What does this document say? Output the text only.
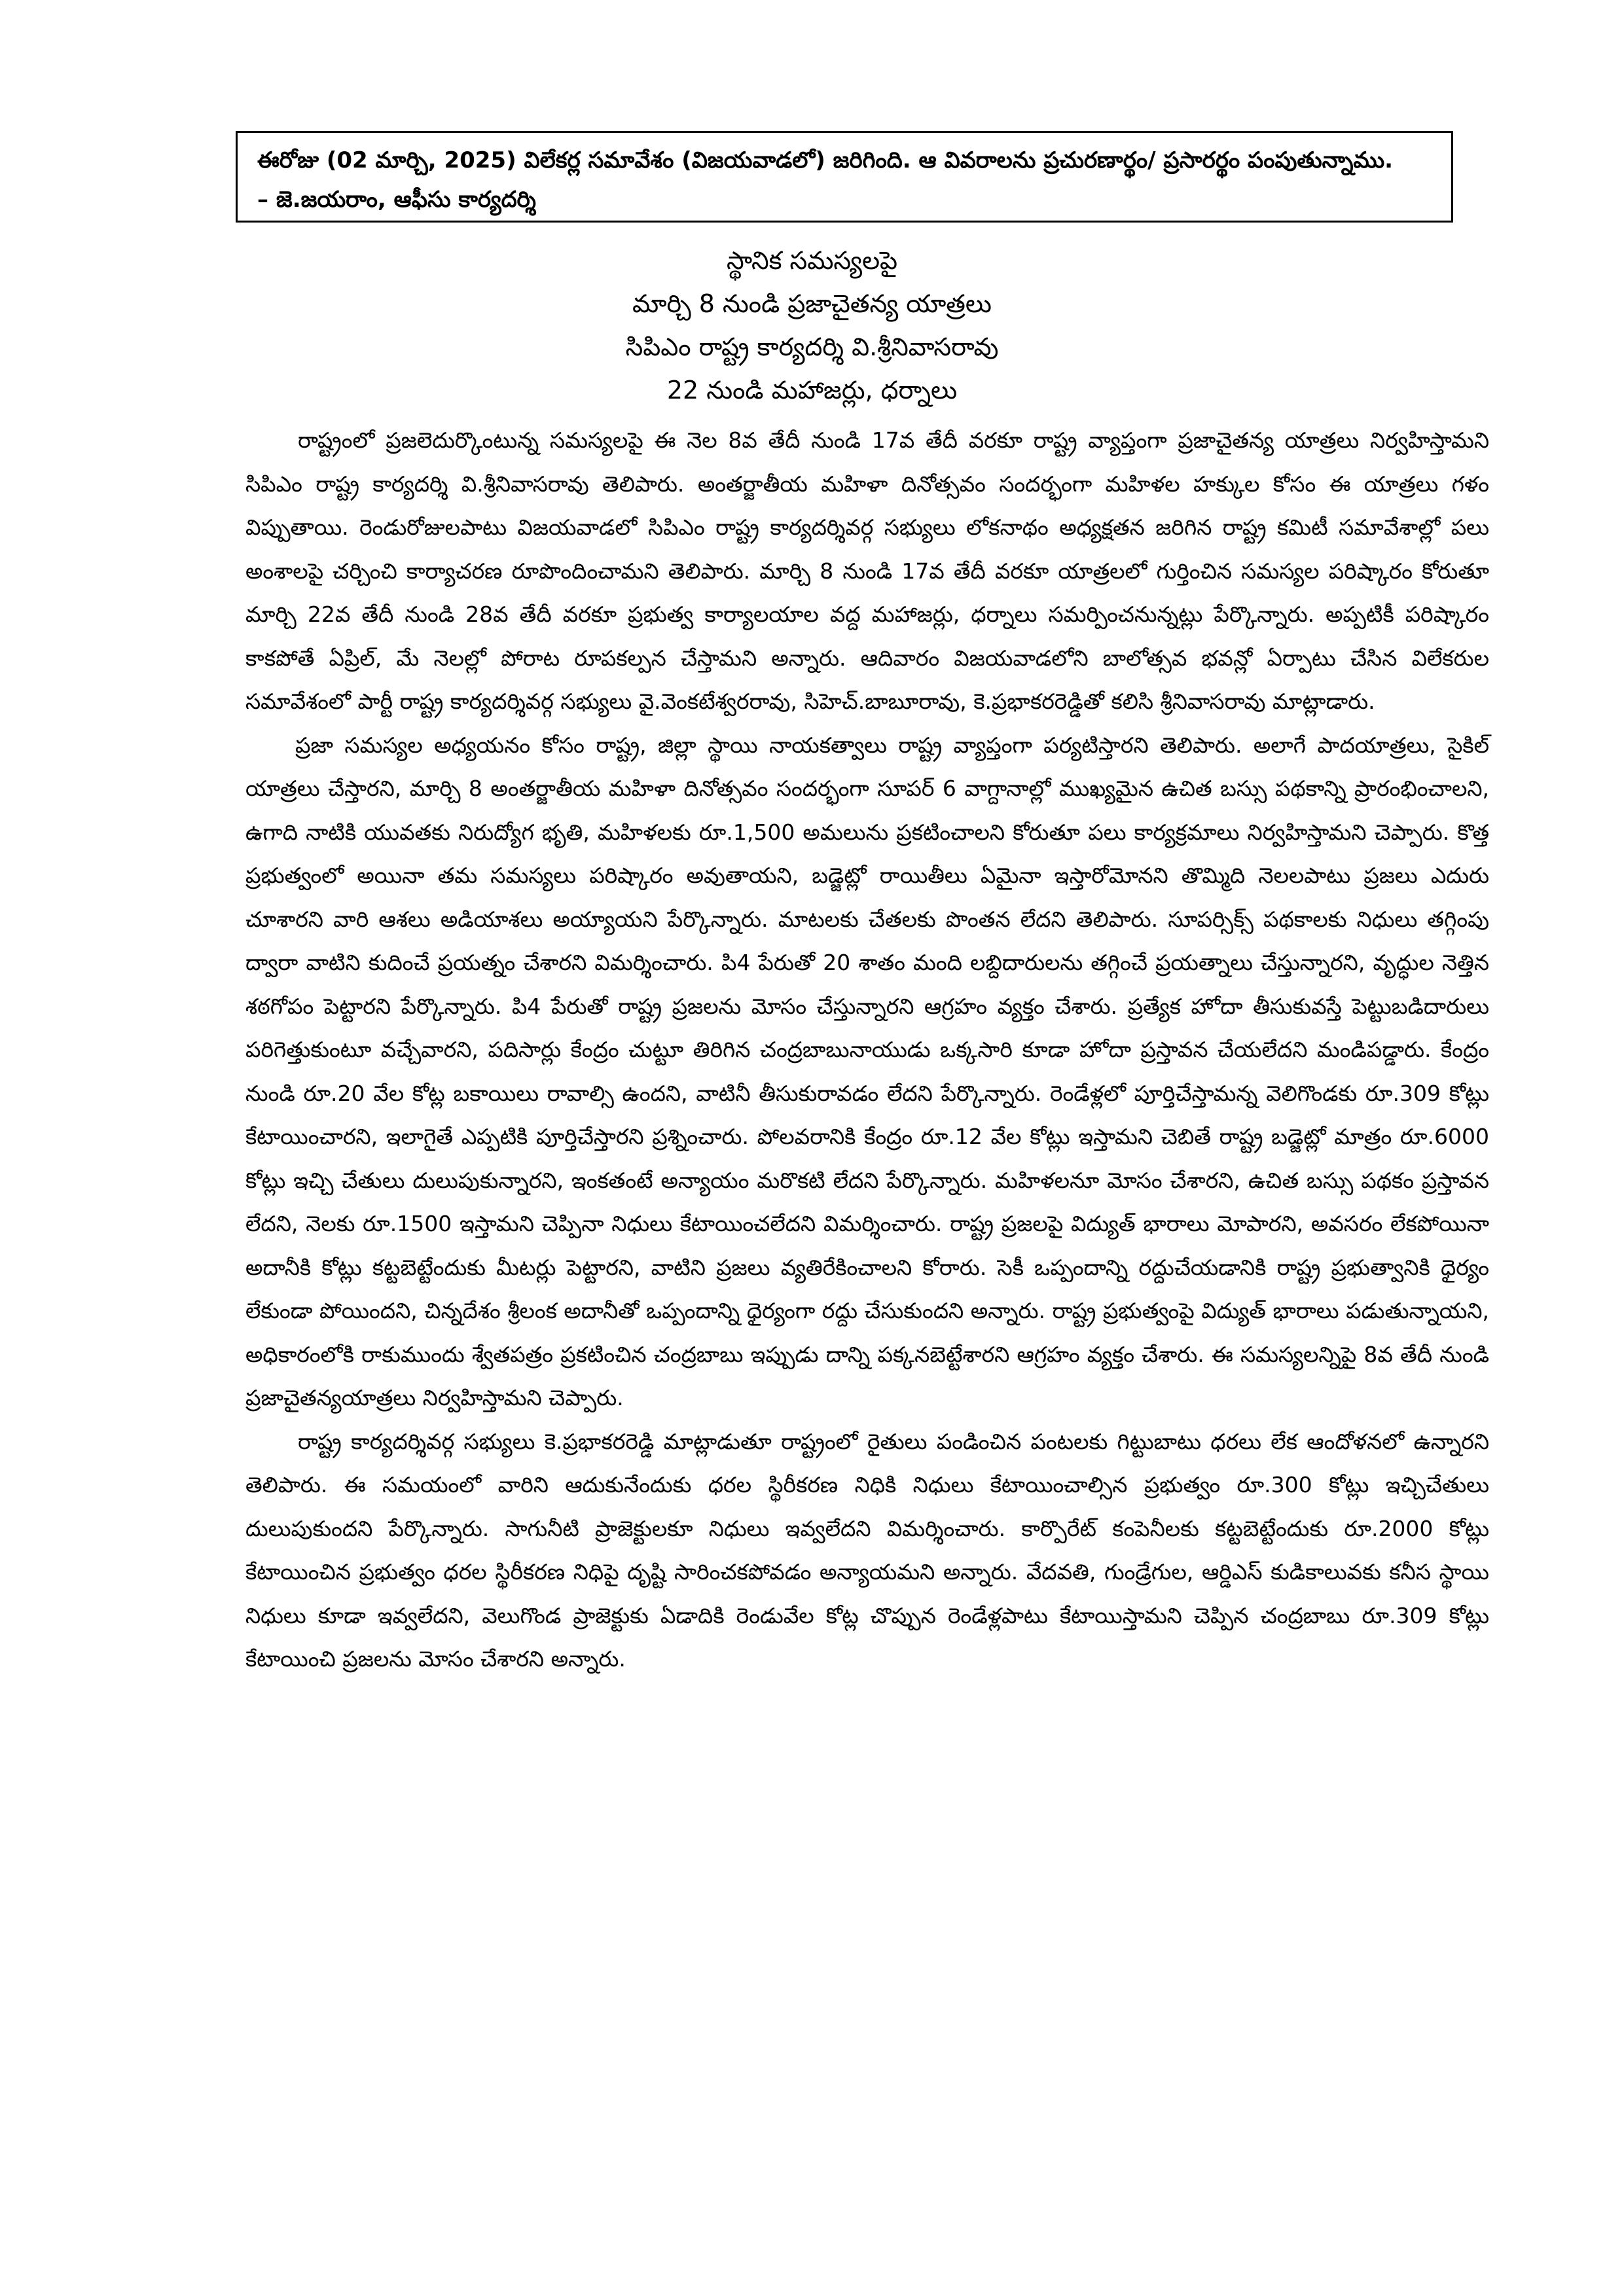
ఈరోజు (02 మార్చి, 2025) విలేకర్ల సమావేశం (విజయవాడలో) జరిగింది. ఆ వివరాలను ప్రచురణార్థం/ ప్రసారర్థం పంపుతున్నాము.
– జె.జయరాం, ఆఫీసు కార్యదర్శి
స్థానిక సమస్యలపై
మార్చి 8 నుండి ప్రజాచైతన్య యాత్రలు
సిపిఎం రాష్ట్ర కార్యదర్శి వి.శ్రీనివాసరావు
22 నుండి మహాజర్లు, ధర్నాలు

రాష్ట్రంలో ప్రజలెదుర్కొంటున్న సమస్యలపై ఈ నెల 8వ తేదీ నుండి 17వ తేదీ వరకూ రాష్ట్ర వ్యాప్తంగా ప్రజాచైతన్య యాత్రలు నిర్వహిస్తామని సిపిఎం రాష్ట్ర కార్యదర్శి వి.శ్రీనివాసరావు తెలిపారు. అంతర్జాతీయ మహిళా దినోత్సవం సందర్భంగా మహిళల హక్కుల కోసం ఈ యాత్రలు గళం విప్పుతాయి. రెండురోజులపాటు విజయవాడలో సిపిఎం రాష్ట్ర కార్యదర్శివర్గ సభ్యులు లోకనాథం అధ్యక్షతన జరిగిన రాష్ట్ర కమిటీ సమావేశాల్లో పలు అంశాలపై చర్చించి కార్యాచరణ రూపొందించామని తెలిపారు. మార్చి 8 నుండి 17వ తేదీ వరకూ యాత్రలలో గుర్తించిన సమస్యల పరిష్కారం కోరుతూ మార్చి 22వ తేదీ నుండి 28వ తేదీ వరకూ ప్రభుత్వ కార్యాలయాల వద్ద మహాజర్లు, ధర్నాలు సమర్పించనున్నట్లు పేర్కొన్నారు. అప్పటికీ పరిష్కారం కాకపోతే ఏప్రిల్, మే నెలల్లో పోరాట రూపకల్పన చేస్తామని అన్నారు. ఆదివారం విజయవాడలోని బాలోత్సవ భవన్లో ఏర్పాటు చేసిన విలేకరుల సమావేశంలో పార్టీ రాష్ట్ర కార్యదర్శివర్గ సభ్యులు వై.వెంకటేశ్వరరావు, సిహెచ్.బాబూరావు, కె.ప్రభాకరరెడ్డితో కలిసి శ్రీనివాసరావు మాట్లాడారు.

ప్రజా సమస్యల అధ్యయనం కోసం రాష్ట్ర, జిల్లా స్థాయి నాయకత్వాలు రాష్ట్ర వ్యాప్తంగా పర్యటిస్తారని తెలిపారు. అలాగే పాదయాత్రలు, సైకిల్ యాత్రలు చేస్తారని, మార్చి 8 అంతర్జాతీయ మహిళా దినోత్సవం సందర్భంగా సూపర్ 6 వాగ్దానాల్లో ముఖ్యమైన ఉచిత బస్సు పథకాన్ని ప్రారంభించాలని, ఉగాది నాటికి యువతకు నిరుద్యోగ భృతి, మహిళలకు రూ.1,500 అమలును ప్రకటించాలని కోరుతూ పలు కార్యక్రమాలు నిర్వహిస్తామని చెప్పారు. కొత్త ప్రభుత్వంలో అయినా తమ సమస్యలు పరిష్కారం అవుతాయని, బడ్జెట్లో రాయితీలు ఏమైనా ఇస్తారోమోనని తొమ్మిది నెలలపాటు ప్రజలు ఎదురు చూశారని వారి ఆశలు అడియాశలు అయ్యాయని పేర్కొన్నారు. మాటలకు చేతలకు పొంతన లేదని తెలిపారు. సూపర్సిక్స్ పథకాలకు నిధులు తగ్గింపు ద్వారా వాటిని కుదించే ప్రయత్నం చేశారని విమర్శించారు. పి4 పేరుతో 20 శాతం మంది లబ్దిదారులను తగ్గించే ప్రయత్నాలు చేస్తున్నారని, వృద్ధుల నెత్తిన శఠగోపం పెట్టారని పేర్కొన్నారు. పి4 పేరుతో రాష్ట్ర ప్రజలను మోసం చేస్తున్నారని ఆగ్రహం వ్యక్తం చేశారు. ప్రత్యేక హోదా తీసుకువస్తే పెట్టుబడిదారులు పరిగెత్తుకుంటూ వచ్చేవారని, పదిసార్లు కేంద్రం చుట్టూ తిరిగిన చంద్రబాబునాయుడు ఒక్కసారి కూడా హోదా ప్రస్తావన చేయలేదని మండిపడ్డారు. కేంద్రం నుండి రూ.20 వేల కోట్ల బకాయిలు రావాల్సి ఉందని, వాటినీ తీసుకురావడం లేదని పేర్కొన్నారు. రెండేళ్లలో పూర్తిచేస్తామన్న వెలిగొండకు రూ.309 కోట్లు కేటాయించారని, ఇలాగైతే ఎప్పటికి పూర్తిచేస్తారని ప్రశ్నించారు. పోలవరానికి కేంద్రం రూ.12 వేల కోట్లు ఇస్తామని చెబితే రాష్ట్ర బడ్జెట్లో మాత్రం రూ.6000 కోట్లు ఇచ్చి చేతులు దులుపుకున్నారని, ఇంకతంటే అన్యాయం మరొకటి లేదని పేర్కొన్నారు. మహిళలనూ మోసం చేశారని, ఉచిత బస్సు పథకం ప్రస్తావన లేదని, నెలకు రూ.1500 ఇస్తామని చెప్పినా నిధులు కేటాయించలేదని విమర్శించారు. రాష్ట్ర ప్రజలపై విద్యుత్ భారాలు మోపారని, అవసరం లేకపోయినా అదానీకి కోట్లు కట్టబెట్టేందుకు మీటర్లు పెట్టారని, వాటిని ప్రజలు వ్యతిరేకించాలని కోరారు. సెకీ ఒప్పందాన్ని రద్దుచేయడానికి రాష్ట్ర ప్రభుత్వానికి ధైర్యం లేకుండా పోయిందని, చిన్నదేశం శ్రీలంక అదానీతో ఒప్పందాన్ని ధైర్యంగా రద్దు చేసుకుందని అన్నారు. రాష్ట్ర ప్రభుత్వంపై విద్యుత్ భారాలు పడుతున్నాయని, అధికారంలోకి రాకుముందు శ్వేతపత్రం ప్రకటించిన చంద్రబాబు ఇప్పుడు దాన్ని పక్కనబెట్టేశారని ఆగ్రహం వ్యక్తం చేశారు. ఈ సమస్యలన్నిపై 8వ తేదీ నుండి ప్రజాచైతన్యయాత్రలు నిర్వహిస్తామని చెప్పారు.

రాష్ట్ర కార్యదర్శివర్గ సభ్యులు కె.ప్రభాకరరెడ్డి మాట్లాడుతూ రాష్ట్రంలో రైతులు పండించిన పంటలకు గిట్టుబాటు ధరలు లేక ఆందోళనలో ఉన్నారని తెలిపారు. ఈ సమయంలో వారిని ఆదుకునేందుకు ధరల స్థిరీకరణ నిధికి నిధులు కేటాయించాల్సిన ప్రభుత్వం రూ.300 కోట్లు ఇచ్చిచేతులు దులుపుకుందని పేర్కొన్నారు. సాగునీటి ప్రాజెక్టులకూ నిధులు ఇవ్వలేదని విమర్శించారు. కార్పొరేట్ కంపెనీలకు కట్టబెట్టేందుకు రూ.2000 కోట్లు కేటాయించిన ప్రభుత్వం ధరల స్థిరీకరణ నిధిపై దృష్టి సారించకపోవడం అన్యాయమని అన్నారు. వేదవతి, గుండ్రేగుల, ఆర్డిఎస్ కుడికాలువకు కనీస స్థాయి నిధులు కూడా ఇవ్వలేదని, వెలుగొండ ప్రాజెక్టుకు ఏడాదికి రెండువేల కోట్ల చొప్పున రెండేళ్లపాటు కేటాయిస్తామని చెప్పిన చంద్రబాబు రూ.309 కోట్లు కేటాయించి ప్రజలను మోసం చేశారని అన్నారు.
